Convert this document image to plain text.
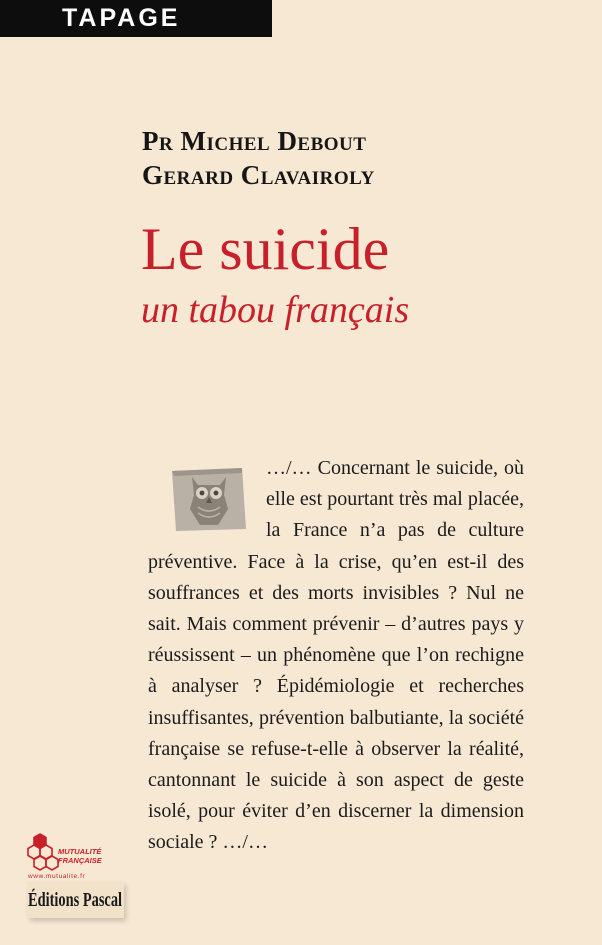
TAPAGE
Pr Michel Debout
Gerard Clavairoly
Le suicide
un tabou français
…/… Concernant le suicide, où elle est pourtant très mal placée, la France n’a pas de culture préventive. Face à la crise, qu’en est-il des souffrances et des morts invisibles ? Nul ne sait. Mais comment prévenir – d’autres pays y réussissent – un phénomène que l’on rechigne à analyser ? Épidémiologie et recherches insuffisantes, prévention balbutiante, la société française se refuse-t-elle à observer la réalité, cantonnant le suicide à son aspect de geste isolé, pour éviter d’en discerner la dimension sociale ? …/…
MUTUALITÉ
FRANÇAISE
www.mutualite.fr
Éditions Pascal
